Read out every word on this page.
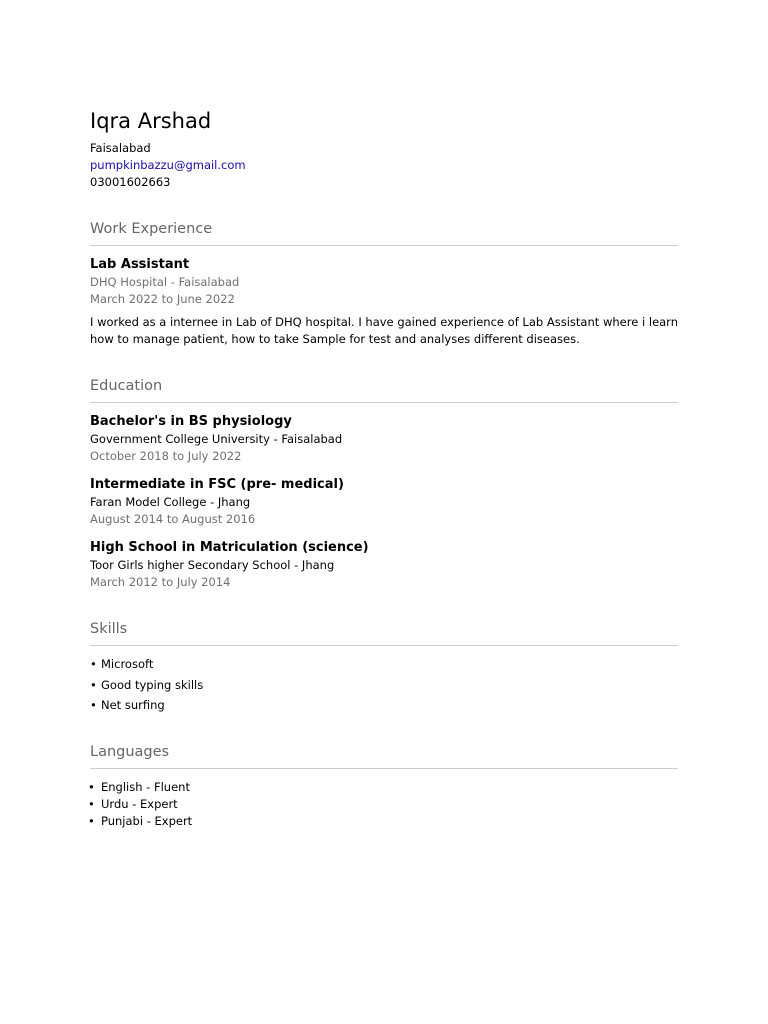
Iqra Arshad
Faisalabad
pumpkinbazzu@gmail.com
03001602663
Work Experience
Lab Assistant
DHQ Hospital - Faisalabad
March 2022 to June 2022
I worked as a internee in Lab of DHQ hospital. I have gained experience of Lab Assistant where i learn how to manage patient, how to take Sample for test and analyses different diseases.
Education
Bachelor's in BS physiology
Government College University - Faisalabad
October 2018 to July 2022
Intermediate in FSC (pre- medical)
Faran Model College - Jhang
August 2014 to August 2016
High School in Matriculation (science)
Toor Girls higher Secondary School - Jhang
March 2012 to July 2014
Skills
• Microsoft
• Good typing skills
• Net surfing
Languages
• English - Fluent
• Urdu - Expert
• Punjabi - Expert
